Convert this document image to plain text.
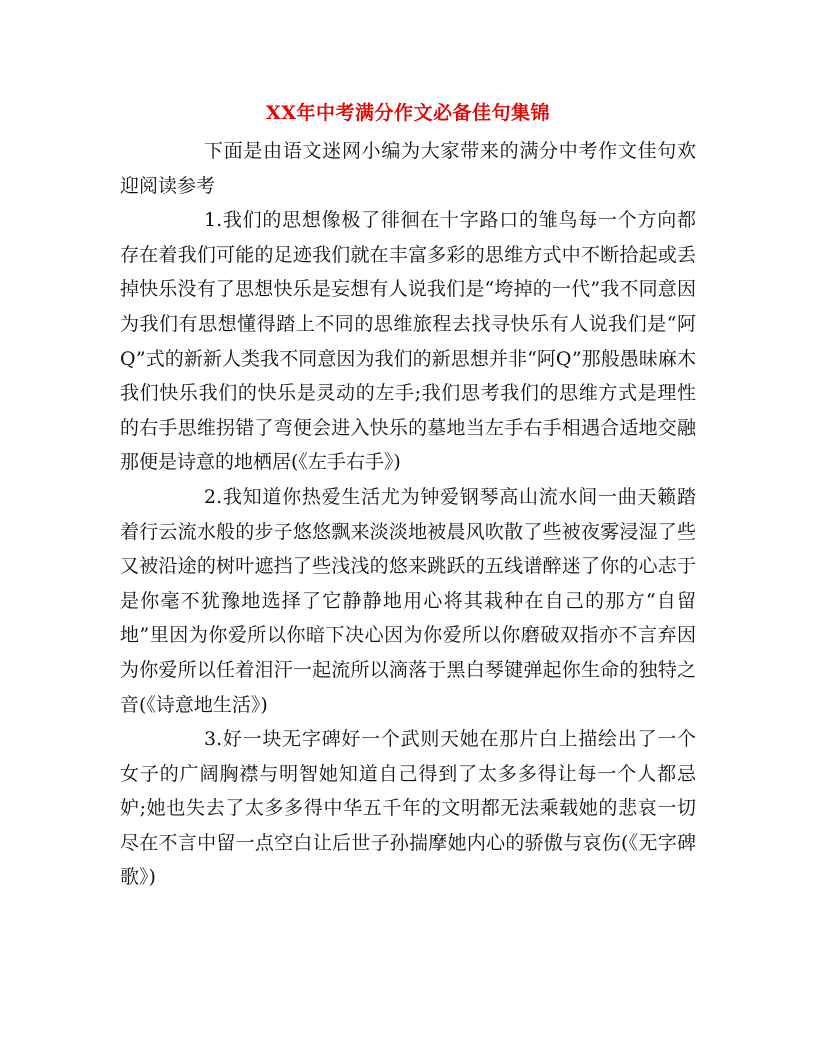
XX年中考满分作文必备佳句集锦

下面是由语文迷网小编为大家带来的满分中考作文佳句欢迎阅读参考

1.我们的思想像极了徘徊在十字路口的雏鸟每一个方向都存在着我们可能的足迹我们就在丰富多彩的思维方式中不断拾起或丢掉快乐没有了思想快乐是妄想有人说我们是“垮掉的一代”我不同意因为我们有思想懂得踏上不同的思维旅程去找寻快乐有人说我们是“阿Q”式的新新人类我不同意因为我们的新思想并非“阿Q”那般愚昧麻木我们快乐我们的快乐是灵动的左手;我们思考我们的思维方式是理性的右手思维拐错了弯便会进入快乐的墓地当左手右手相遇合适地交融那便是诗意的地栖居(《左手右手》)

2.我知道你热爱生活尤为钟爱钢琴高山流水间一曲天籁踏着行云流水般的步子悠悠飘来淡淡地被晨风吹散了些被夜雾浸湿了些又被沿途的树叶遮挡了些浅浅的悠来跳跃的五线谱醉迷了你的心志于是你毫不犹豫地选择了它静静地用心将其栽种在自己的那方“自留地”里因为你爱所以你暗下决心因为你爱所以你磨破双指亦不言弃因为你爱所以任着泪汗一起流所以滴落于黑白琴键弹起你生命的独特之音(《诗意地生活》)

3.好一块无字碑好一个武则天她在那片白上描绘出了一个女子的广阔胸襟与明智她知道自己得到了太多多得让每一个人都忌妒;她也失去了太多多得中华五千年的文明都无法乘载她的悲哀一切尽在不言中留一点空白让后世子孙揣摩她内心的骄傲与哀伤(《无字碑歌》)
